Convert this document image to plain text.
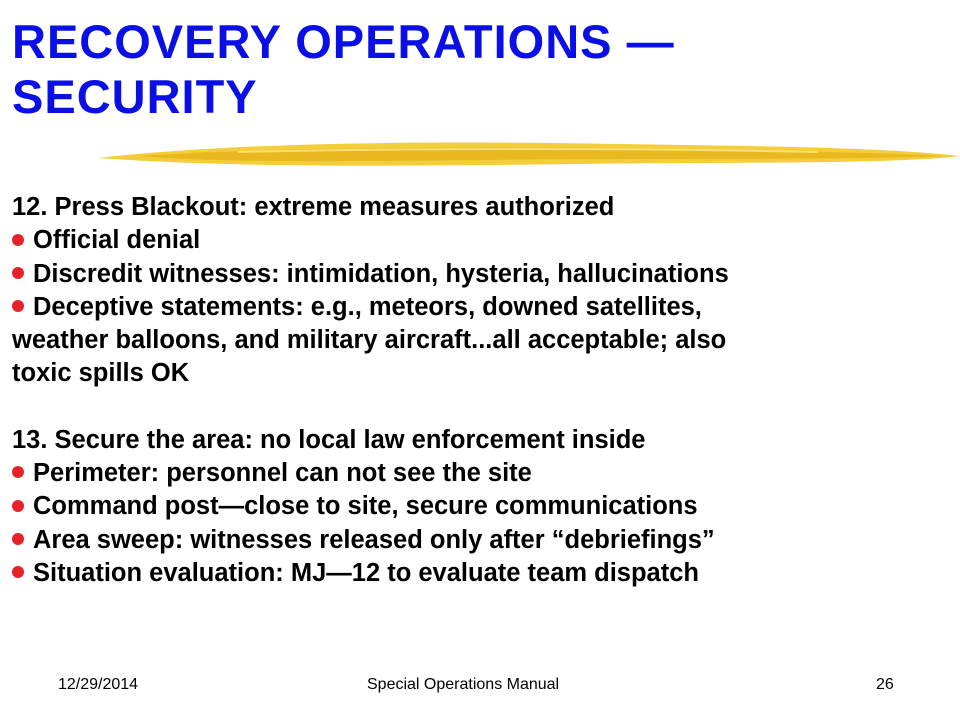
RECOVERY OPERATIONS —
SECURITY

12. Press Blackout: extreme measures authorized

Official denial

Discredit witnesses: intimidation, hysteria, hallucinations

Deceptive statements: e.g., meteors, downed satellites,

weather balloons, and military aircraft...all acceptable; also

toxic spills OK

13. Secure the area: no local law enforcement inside

Perimeter: personnel can not see the site

Command post—close to site, secure communications

Area sweep: witnesses released only after “debriefings”

Situation evaluation: MJ—12 to evaluate team dispatch

12/29/2014	Special Operations Manual	26
